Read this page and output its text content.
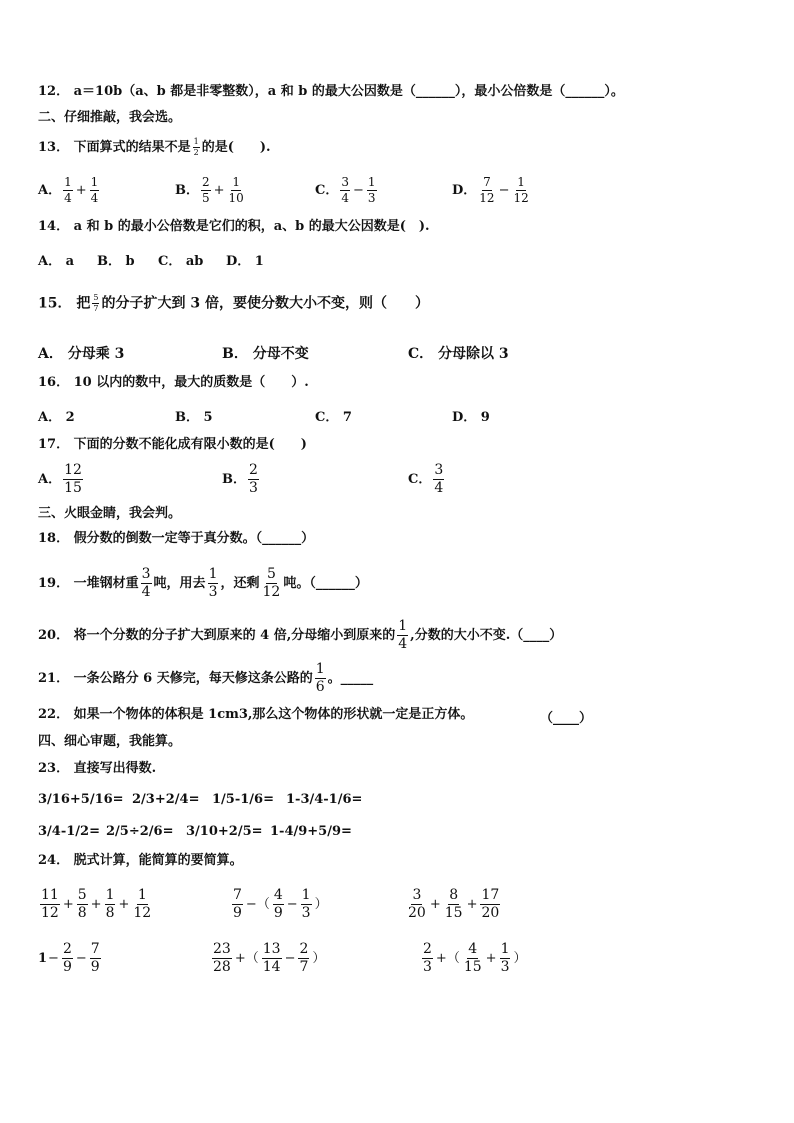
12． a＝10b（a、b 都是非零整数），a 和 b 的最大公因数是（______），最小公倍数是（______）。
二、仔细推敲，我会选。
13． 下面算式的结果不是 $\frac{1}{2}$ 的是(　　).
A． $\frac{1}{4} + \frac{1}{4}$	B． $\frac{2}{5} + \frac{1}{10}$	C． $\frac{3}{4} - \frac{1}{3}$	D． $\frac{7}{12} - \frac{1}{12}$
14． a 和 b 的最小公倍数是它们的积，a、b 的最大公因数是(　).
A． a B． b C． ab D． 1
15． 把 $\frac{5}{7}$ 的分子扩大到 3 倍，要使分数大小不变，则（　　）
A． 分母乘 3	B． 分母不变	C． 分母除以 3
16． 10 以内的数中，最大的质数是（　　）.
A． 2	B． 5	C． 7	D． 9
17． 下面的分数不能化成有限小数的是(　　)
A． $\frac{12}{15}$	B． $\frac{2}{3}$	C． $\frac{3}{4}$
三、火眼金睛，我会判。
18． 假分数的倒数一定等于真分数。（______）
19． 一堆钢材重 $\frac{3}{4}$ 吨，用去 $\frac{1}{3}$ ，还剩 $\frac{5}{12}$ 吨。（______）
20． 将一个分数的分子扩大到原来的 4 倍,分母缩小到原来的 $\frac{1}{4}$ ,分数的大小不变.（____）
21． 一条公路分 6 天修完，每天修这条公路的 $\frac{1}{6}$ 。_____
22． 如果一个物体的体积是 1cm3,那么这个物体的形状就一定是正方体。	（____）
四、细心审题，我能算。
23． 直接写出得数.
3/16+5/16= 2/3+2/4= 1/5-1/6= 1-3/4-1/6=
3/4-1/2= 2/5÷2/6= 3/10+2/5= 1-4/9+5/9=
24． 脱式计算，能简算的要简算。
$\frac{11}{12} + \frac{5}{8} + \frac{1}{8} + \frac{1}{12}$	$\frac{7}{9}$ −（ $\frac{4}{9} - \frac{1}{3}$ ）	$\frac{3}{20} + \frac{8}{15} + \frac{17}{20}$
$1- \frac{2}{9} - \frac{7}{9}$	$\frac{23}{28}$ +（ $\frac{13}{14} - \frac{2}{7}$ ）	$\frac{2}{3}$ +（ $\frac{4}{15} + \frac{1}{3}$ ）
